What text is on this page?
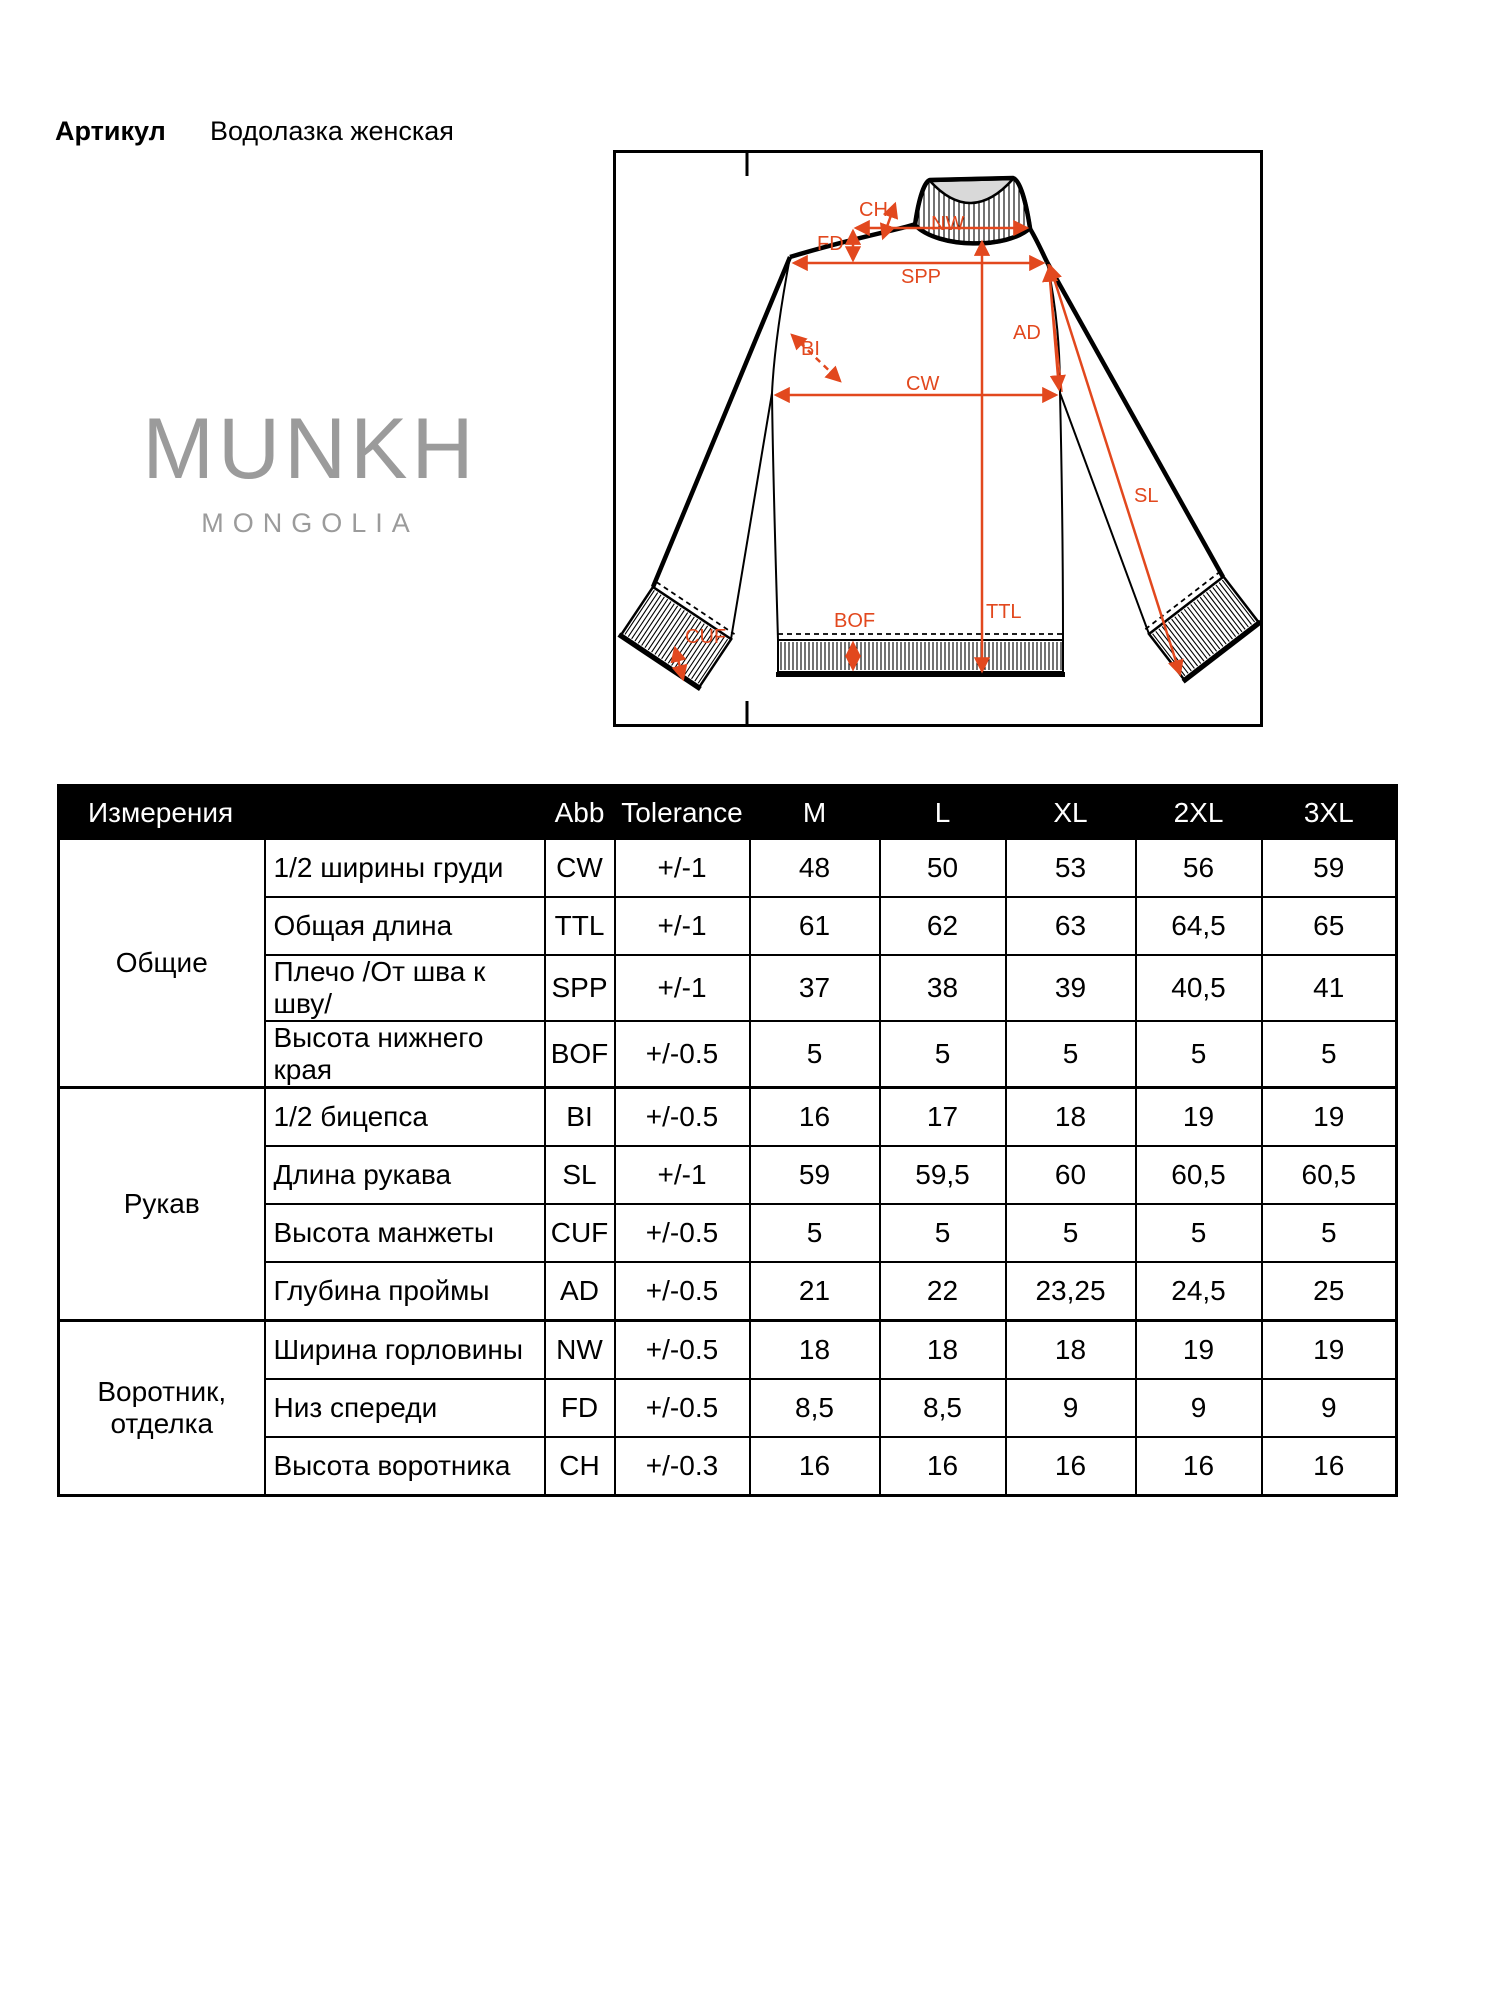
Артикул Водолазка женская
MUNKH
MONGOLIA
CH
NW
FD
SPP
BI
CW
AD
SL
TTL
BOF
CUF
Измерения		Abb	Tolerance	M	L	XL	2XL	3XL
Общие	1/2 ширины груди	CW	+/-1	48	50	53	56	59
	Общая длина	TTL	+/-1	61	62	63	64,5	65
	Плечо /От шва к шву/	SPP	+/-1	37	38	39	40,5	41
	Высота нижнего края	BOF	+/-0.5	5	5	5	5	5
Рукав	1/2 бицепса	BI	+/-0.5	16	17	18	19	19
	Длина рукава	SL	+/-1	59	59,5	60	60,5	60,5
	Высота манжеты	CUF	+/-0.5	5	5	5	5	5
	Глубина проймы	AD	+/-0.5	21	22	23,25	24,5	25
Воротник, отделка	Ширина горловины	NW	+/-0.5	18	18	18	19	19
	Низ спереди	FD	+/-0.5	8,5	8,5	9	9	9
	Высота воротника	CH	+/-0.3	16	16	16	16	16
